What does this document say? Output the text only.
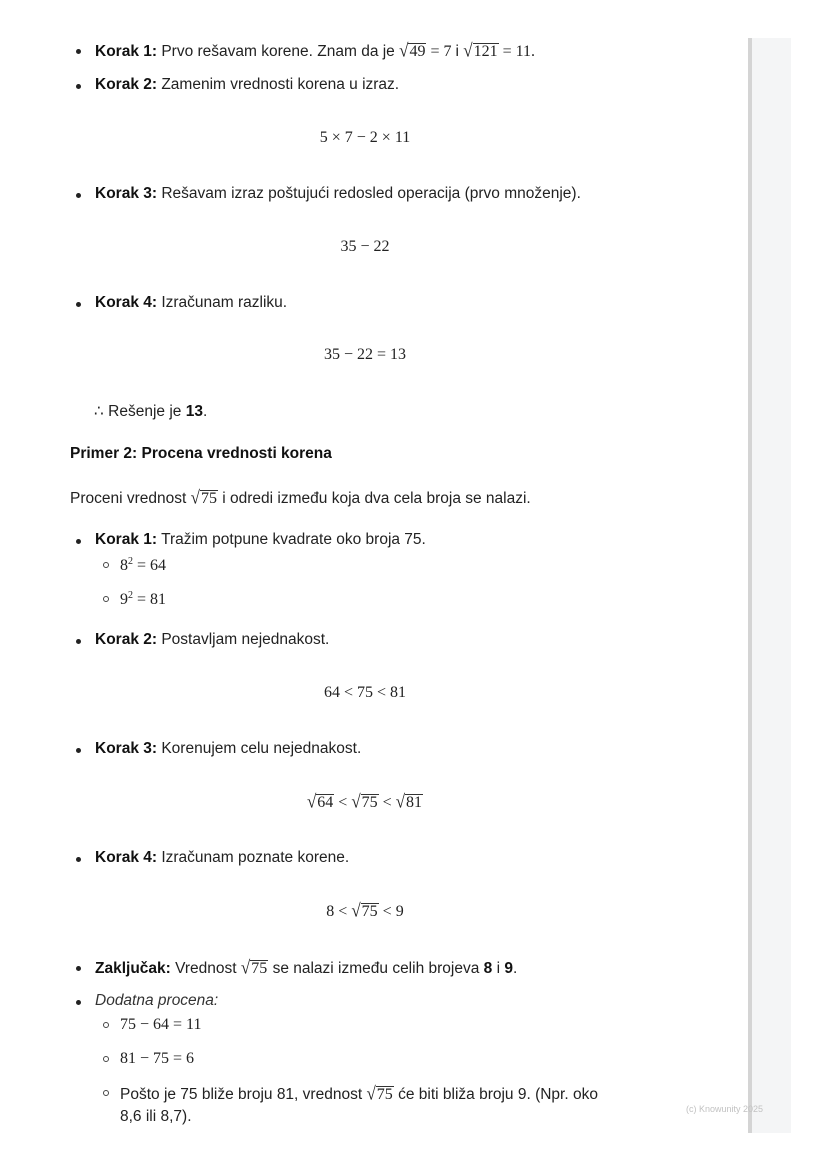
(c) Knowunity 2025
Korak 1: Prvo rešavam korene. Znam da je √49 = 7 i √121 = 11.
Korak 2: Zamenim vrednosti korena u izraz.
5 × 7 − 2 × 11
Korak 3: Rešavam izraz poštujući redosled operacija (prvo množenje).
35 − 22
Korak 4: Izračunam razliku.
35 − 22 = 13
∴ Rešenje je 13.
Primer 2: Procena vrednosti korena
Proceni vrednost √75 i odredi između koja dva cela broja se nalazi.
Korak 1: Tražim potpune kvadrate oko broja 75.
$8^2 = 64$
$9^2 = 81$
Korak 2: Postavljam nejednakost.
64 < 75 < 81
Korak 3: Korenujem celu nejednakost.
√64 < √75 < √81
Korak 4: Izračunam poznate korene.
8 < √75 < 9
Zaključak: Vrednost √75 se nalazi između celih brojeva 8 i 9.
Dodatna procena:
75 − 64 = 11
81 − 75 = 6
Pošto je 75 bliže broju 81, vrednost √75 će biti bliža broju 9. (Npr. oko
8,6 ili 8,7).
